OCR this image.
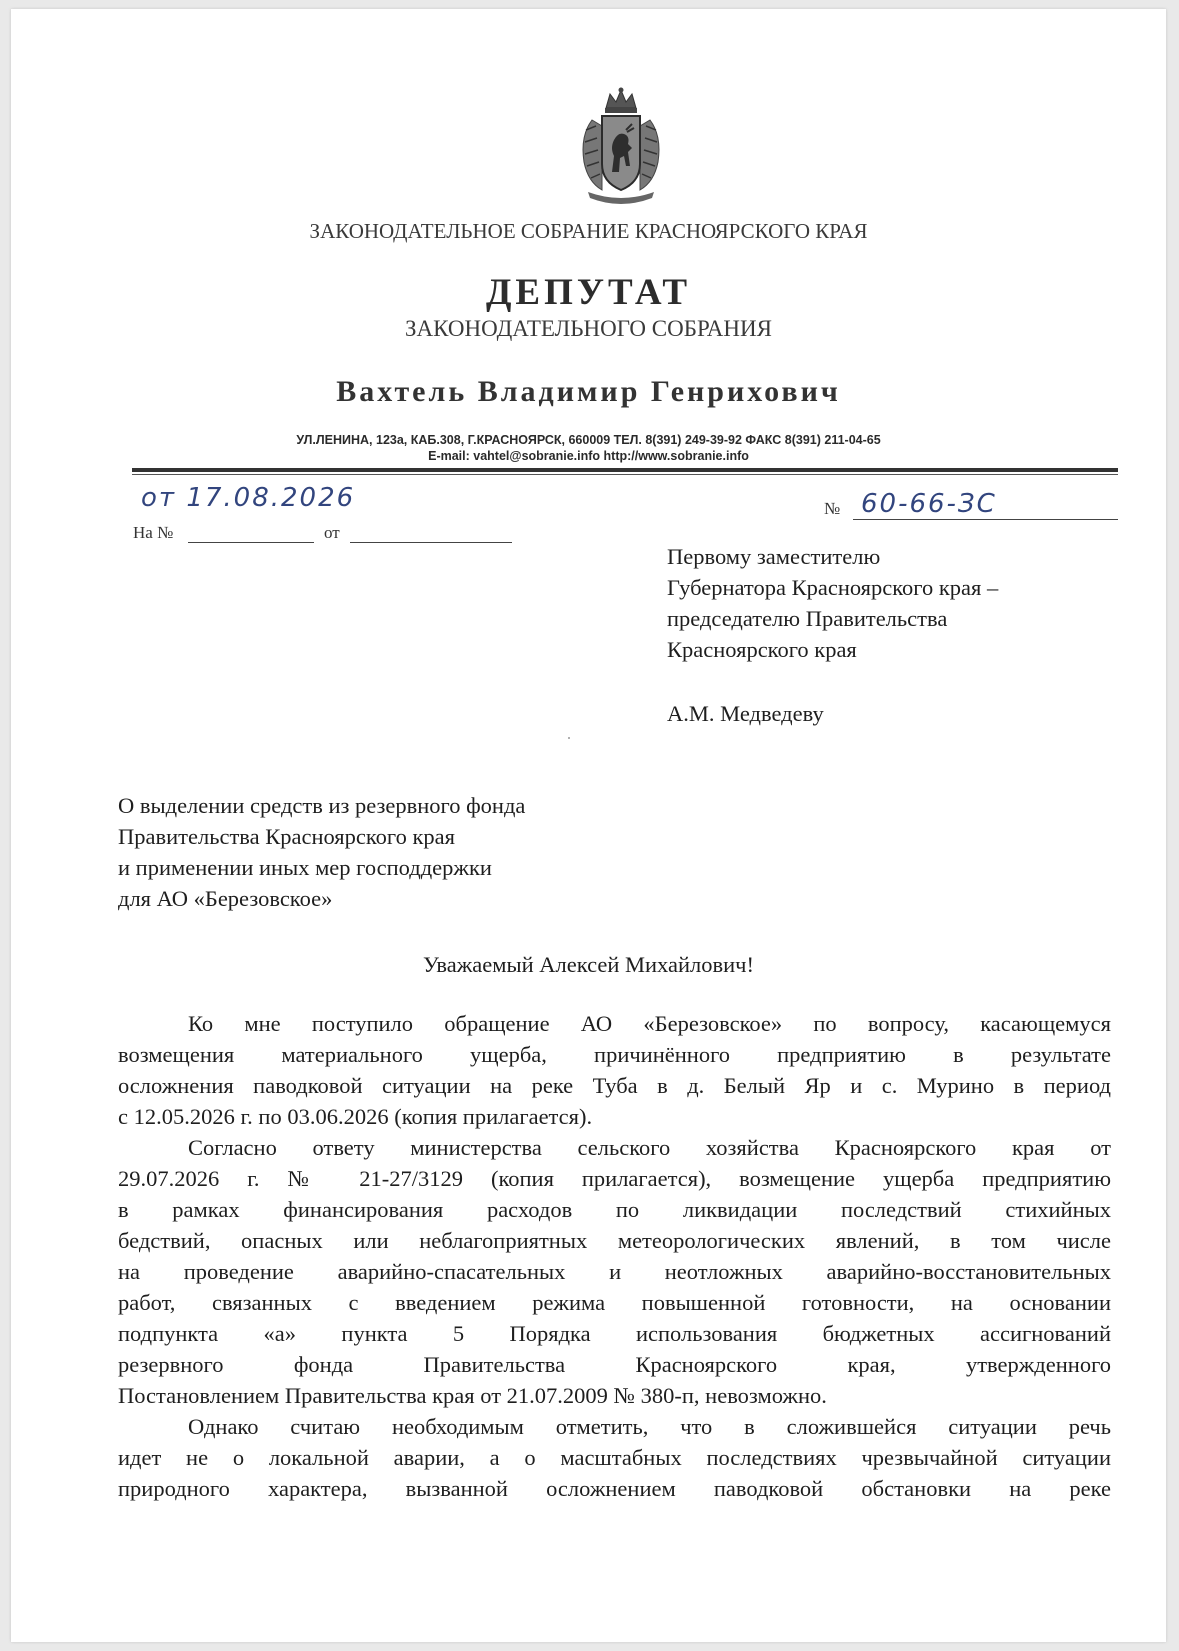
ЗАКОНОДАТЕЛЬНОЕ СОБРАНИЕ КРАСНОЯРСКОГО КРАЯ
ДЕПУТАТ
ЗАКОНОДАТЕЛЬНОГО СОБРАНИЯ
Вахтель Владимир Генрихович
УЛ.ЛЕНИНА, 123а, КАБ.308, Г.КРАСНОЯРСК, 660009 ТЕЛ. 8(391) 249-39-92 ФАКС 8(391) 211-04-65
E-mail: vahtel@sobranie.info http://www.sobranie.info
от 17.08.2026	№ 60-66-ЗС
На №	от
Первому заместителю
Губернатора Красноярского края –
председателю Правительства
Красноярского края
А.М. Медведеву
О выделении средств из резервного фонда
Правительства Красноярского края
и применении иных мер господдержки
для АО «Березовское»
Уважаемый Алексей Михайлович!
Ко мне поступило обращение АО «Березовское» по вопросу, касающемуся
возмещения материального ущерба, причинённого предприятию в результате
осложнения паводковой ситуации на реке Туба в д. Белый Яр и с. Мурино в период
с 12.05.2026 г. по 03.06.2026 (копия прилагается).
Согласно ответу министерства сельского хозяйства Красноярского края от
29.07.2026 г. № 21-27/3129 (копия прилагается), возмещение ущерба предприятию
в рамках финансирования расходов по ликвидации последствий стихийных
бедствий, опасных или неблагоприятных метеорологических явлений, в том числе
на проведение аварийно-спасательных и неотложных аварийно-восстановительных
работ, связанных с введением режима повышенной готовности, на основании
подпункта «а» пункта 5 Порядка использования бюджетных ассигнований
резервного фонда Правительства Красноярского края, утвержденного
Постановлением Правительства края от 21.07.2009 № 380-п, невозможно.
Однако считаю необходимым отметить, что в сложившейся ситуации речь
идет не о локальной аварии, а о масштабных последствиях чрезвычайной ситуации
природного характера, вызванной осложнением паводковой обстановки на реке
